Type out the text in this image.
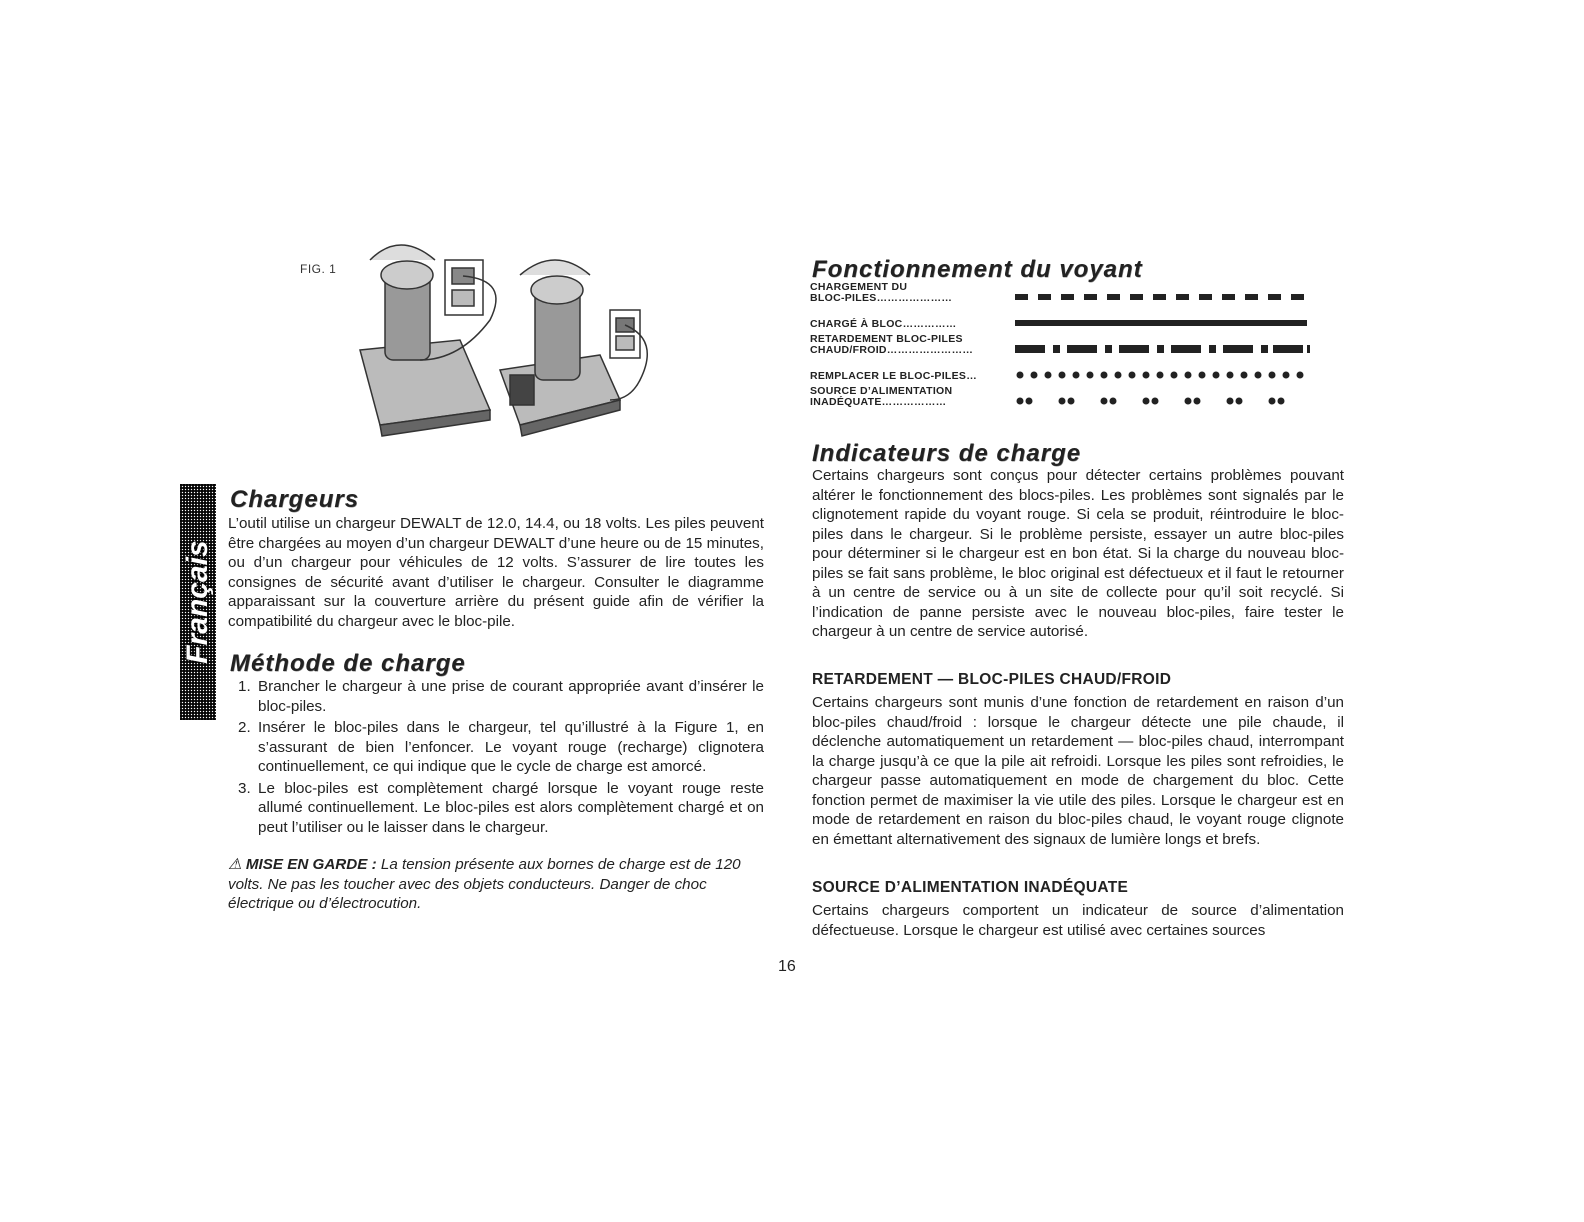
FIG. 1
Français
Chargeurs
L’outil utilise un chargeur DEWALT de 12.0, 14.4, ou 18 volts. Les piles peuvent être chargées au moyen d’un chargeur DEWALT d’une heure ou de 15 minutes, ou d’un chargeur pour véhicules de 12 volts. S’assurer de lire toutes les consignes de sécurité avant d’utiliser le chargeur. Consulter le diagramme apparaissant sur la couverture arrière du présent guide afin de vérifier la compatibilité du chargeur avec le bloc-pile.
Méthode de charge
1. Brancher le chargeur à une prise de courant appropriée avant d’insérer le bloc-piles.
2. Insérer le bloc-piles dans le chargeur, tel qu’illustré à la Figure 1, en s’assurant de bien l’enfoncer. Le voyant rouge (recharge) clignotera continuellement, ce qui indique que le cycle de charge est amorcé.
3. Le bloc-piles est complètement chargé lorsque le voyant rouge reste allumé continuellement. Le bloc-piles est alors complètement chargé et on peut l’utiliser ou le laisser dans le chargeur.
⚠ MISE EN GARDE : La tension présente aux bornes de charge est de 120 volts. Ne pas les toucher avec des objets conducteurs. Danger de choc électrique ou d’électrocution.
Fonctionnement du voyant
CHARGEMENT DU
BLOC-PILES…………………
CHARGÉ À BLOC……………
RETARDEMENT BLOC-PILES
CHAUD/FROID……………………
REMPLACER LE BLOC-PILES…
SOURCE D’ALIMENTATION
INADÉQUATE………………
Indicateurs de charge
Certains chargeurs sont conçus pour détecter certains problèmes pouvant altérer le fonctionnement des blocs-piles. Les problèmes sont signalés par le clignotement rapide du voyant rouge. Si cela se produit, réintroduire le bloc-piles dans le chargeur. Si le problème persiste, essayer un autre bloc-piles pour déterminer si le chargeur est en bon état. Si la charge du nouveau bloc-piles se fait sans problème, le bloc original est défectueux et il faut le retourner à un centre de service ou à un site de collecte pour qu’il soit recyclé. Si l’indication de panne persiste avec le nouveau bloc-piles, faire tester le chargeur à un centre de service autorisé.
RETARDEMENT — BLOC-PILES CHAUD/FROID
Certains chargeurs sont munis d’une fonction de retardement en raison d’un bloc-piles chaud/froid : lorsque le chargeur détecte une pile chaude, il déclenche automatiquement un retardement — bloc-piles chaud, interrompant la charge jusqu’à ce que la pile ait refroidi. Lorsque les piles sont refroidies, le chargeur passe automatiquement en mode de chargement du bloc. Cette fonction permet de maximiser la vie utile des piles. Lorsque le chargeur est en mode de retardement en raison du bloc-piles chaud, le voyant rouge clignote en émettant alternativement des signaux de lumière longs et brefs.
SOURCE D’ALIMENTATION INADÉQUATE
Certains chargeurs comportent un indicateur de source d’alimentation défectueuse. Lorsque le chargeur est utilisé avec certaines sources
16
